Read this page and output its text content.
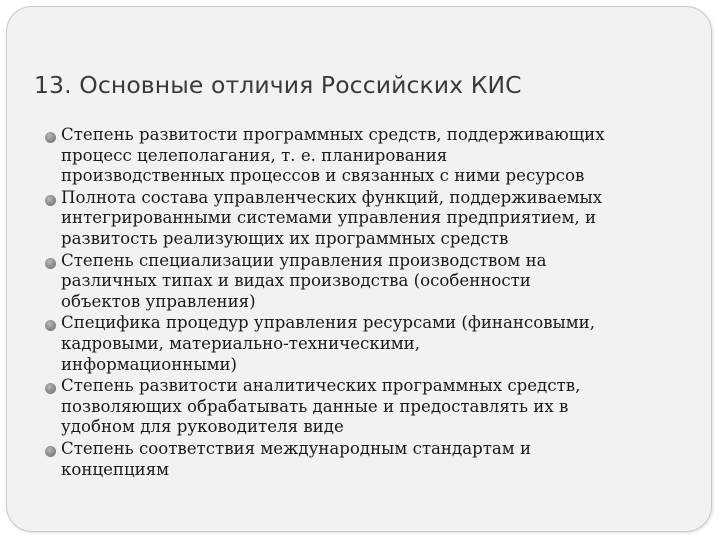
13. Основные отличия Российских КИС
Степень развитости программных средств, поддерживающих
процесс целеполагания, т. е. планирования
производственных процессов и связанных с ними ресурсов
Полнота состава управленческих функций, поддерживаемых
интегрированными системами управления предприятием, и
развитость реализующих их программных средств
Степень специализации управления производством на
различных типах и видах производства (особенности
объектов управления)
Специфика процедур управления ресурсами (финансовыми,
кадровыми, материально-техническими,
информационными)
Степень развитости аналитических программных средств,
позволяющих обрабатывать данные и предоставлять их в
удобном для руководителя виде
Степень соответствия международным стандартам и
концепциям
